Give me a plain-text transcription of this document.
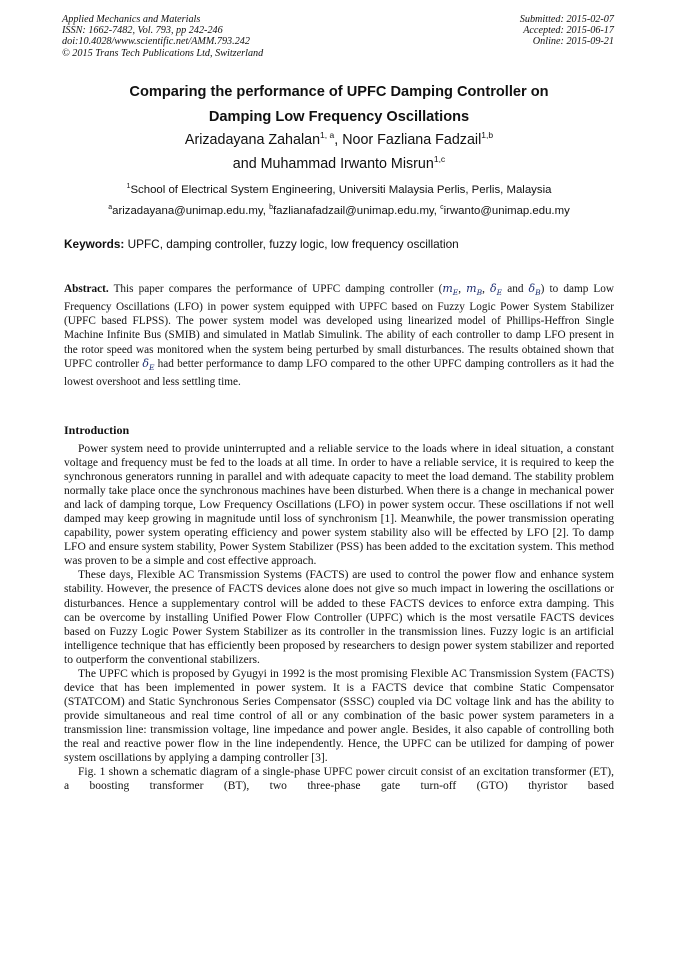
Applied Mechanics and Materials
ISSN: 1662-7482, Vol. 793, pp 242-246
doi:10.4028/www.scientific.net/AMM.793.242
© 2015 Trans Tech Publications Ltd, Switzerland
Submitted: 2015-02-07
Accepted: 2015-06-17
Online: 2015-09-21
Comparing the performance of UPFC Damping Controller on
Damping Low Frequency Oscillations
Arizadayana Zahalan$^{1, a}$, Noor Fazliana Fadzail$^{1,b}$
and Muhammad Irwanto Misrun$^{1,c}$
$^1$School of Electrical System Engineering, Universiti Malaysia Perlis, Perlis, Malaysia
$^a$arizadayana@unimap.edu.my, $^b$fazlianafadzail@unimap.edu.my, $^c$irwanto@unimap.edu.my
Keywords: UPFC, damping controller, fuzzy logic, low frequency oscillation
Abstract. This paper compares the performance of UPFC damping controller ($m_E$, $m_B$, $\delta_E$ and $\delta_B$) to damp Low Frequency Oscillations (LFO) in power system equipped with UPFC based on Fuzzy Logic Power System Stabilizer (UPFC based FLPSS). The power system model was developed using linearized model of Phillips-Heffron Single Machine Infinite Bus (SMIB) and simulated in Matlab Simulink. The ability of each controller to damp LFO present in the rotor speed was monitored when the system being perturbed by small disturbances. The results obtained shown that UPFC controller $\delta_E$ had better performance to damp LFO compared to the other UPFC damping controllers as it had the lowest overshoot and less settling time.
Introduction

Power system need to provide uninterrupted and a reliable service to the loads where in ideal situation, a constant voltage and frequency must be fed to the loads at all time. In order to have a reliable service, it is required to keep the synchronous generators running in parallel and with adequate capacity to meet the load demand. The stability problem normally take place once the synchronous machines have been disturbed. When there is a change in mechanical power and lack of damping torque, Low Frequency Oscillations (LFO) in power system occur. These oscillations if not well damped may keep growing in magnitude until loss of synchronism [1]. Meanwhile, the power transmission operating capability, power system operating efficiency and power system stability also will be effected by LFO [2]. To damp LFO and ensure system stability, Power System Stabilizer (PSS) has been added to the excitation system. This method was proven to be a simple and cost effective approach.

These days, Flexible AC Transmission Systems (FACTS) are used to control the power flow and enhance system stability. However, the presence of FACTS devices alone does not give so much impact in lowering the oscillations or disturbances. Hence a supplementary control will be added to these FACTS devices to enforce extra damping. This can be overcome by installing Unified Power Flow Controller (UPFC) which is the most versatile FACTS devices based on Fuzzy Logic Power System Stabilizer as its controller in the transmission lines. Fuzzy logic is an artificial intelligence technique that has efficiently been proposed by researchers to design power system stabilizer and reported to outperform the conventional stabilizers.

The UPFC which is proposed by Gyugyi in 1992 is the most promising Flexible AC Transmission System (FACTS) device that has been implemented in power system. It is a FACTS device that combine Static Compensator (STATCOM) and Static Synchronous Series Compensator (SSSC) coupled via DC voltage link and has the ability to provide simultaneous and real time control of all or any combination of the basic power system parameters in a transmission line: transmission voltage, line impedance and power angle. Besides, it also capable of controlling both the real and reactive power flow in the line independently. Hence, the UPFC can be utilized for damping of power system oscillations by applying a damping controller [3].

Fig. 1 shown a schematic diagram of a single-phase UPFC power circuit consist of an excitation transformer (ET), a boosting transformer (BT), two three-phase gate turn-off (GTO) thyristor based
